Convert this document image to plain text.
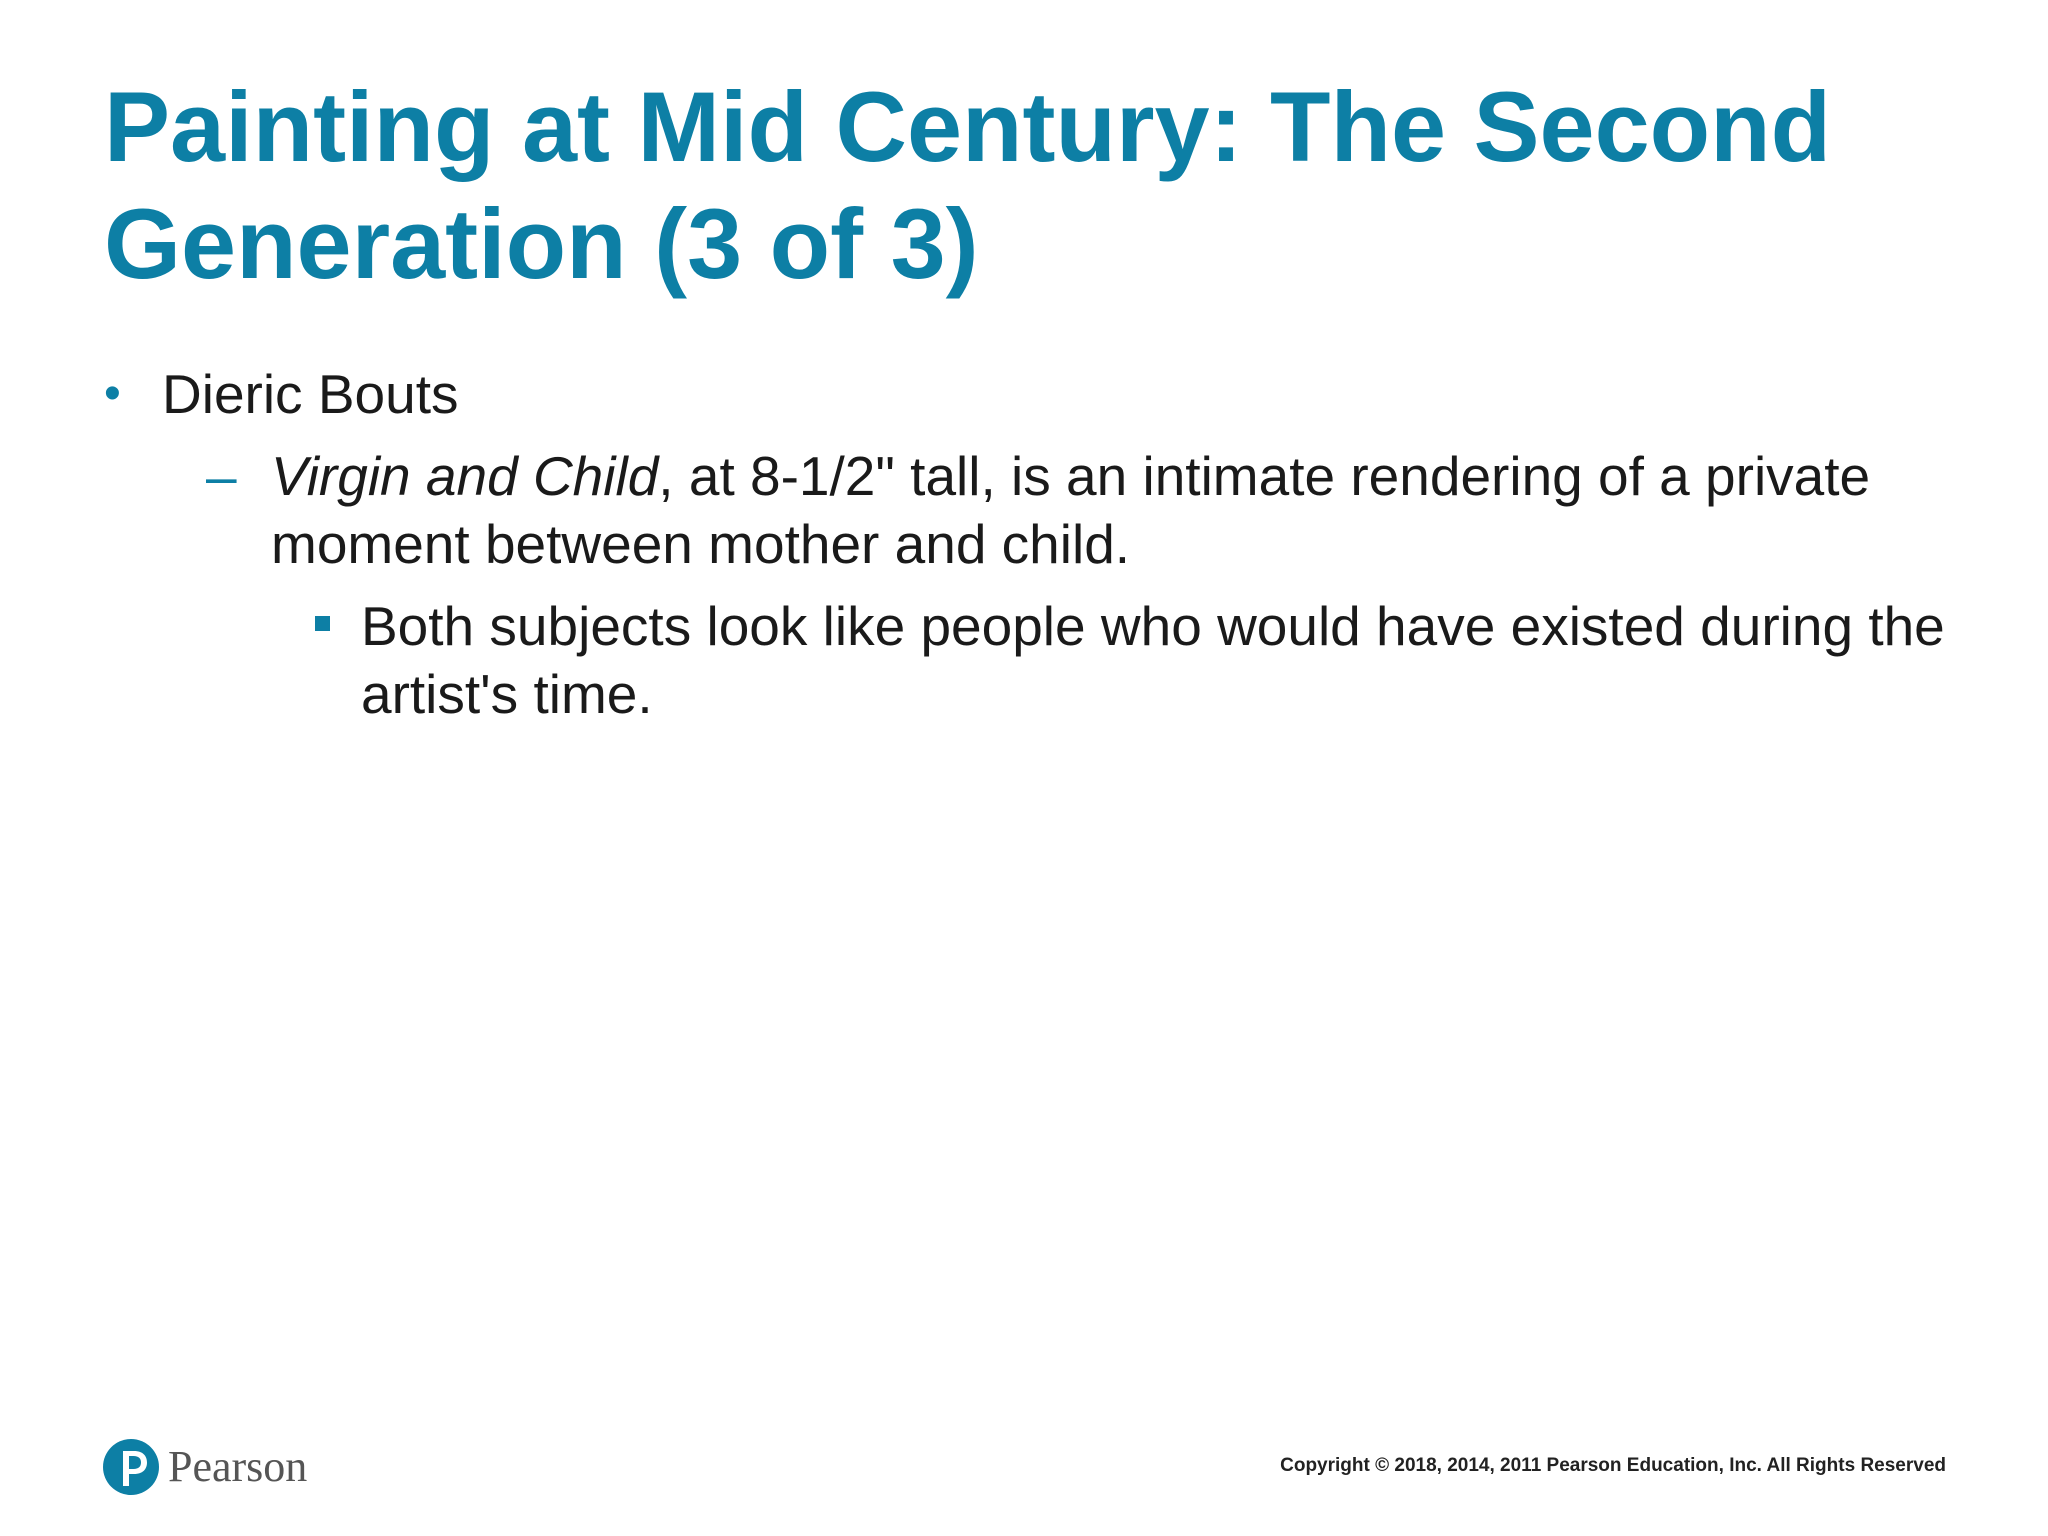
Painting at Mid Century: The Second Generation (3 of 3)
• Dieric Bouts
– Virgin and Child, at 8-1/2" tall, is an intimate rendering of a private moment between mother and child.
Both subjects look like people who would have existed during the artist's time.
Pearson	Copyright © 2018, 2014, 2011 Pearson Education, Inc. All Rights Reserved
